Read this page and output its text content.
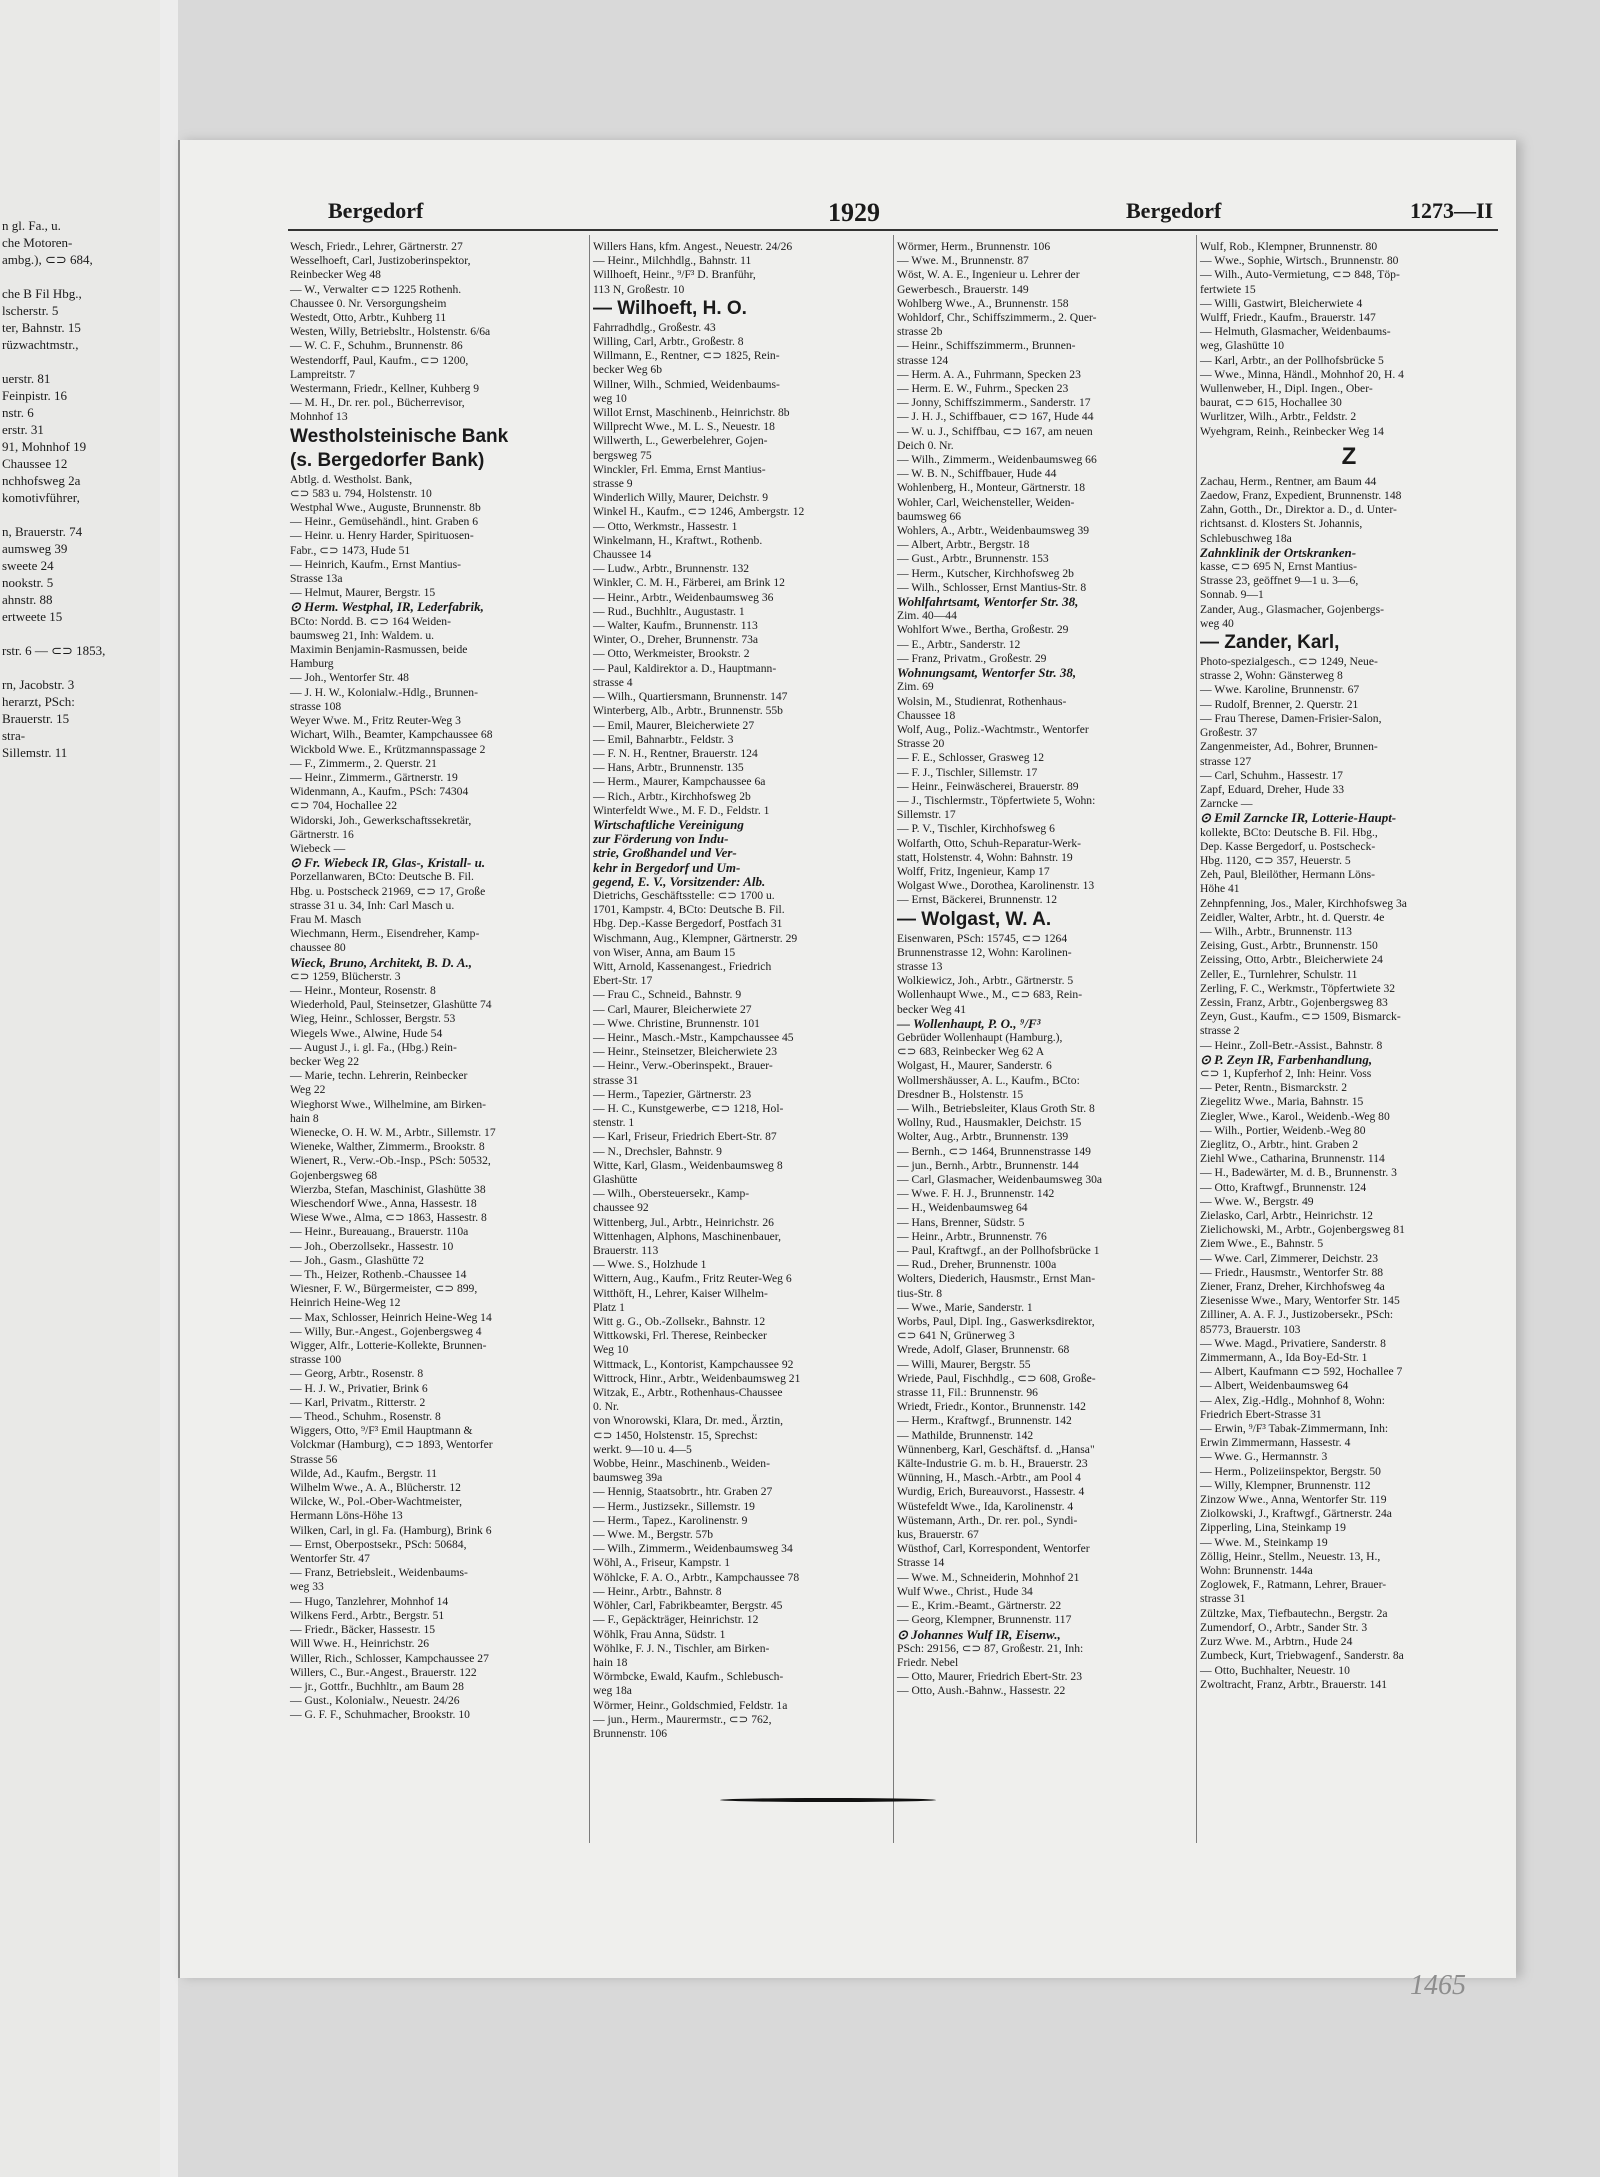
n gl. Fa., u.
che Motoren-
ambg.), ⊂⊃ 684,
che B Fil Hbg.,
lscherstr. 5
ter, Bahnstr. 15
rüzwachtmstr.,
uerstr. 81
Feinpistr. 16
nstr. 6
erstr. 31
91, Mohnhof 19
Chaussee 12
nchhofsweg 2a
komotivführer,
n, Brauerstr. 74
aumsweg 39
sweete 24
nookstr. 5
ahnstr. 88
ertweete 15
rstr. 6 — ⊂⊃ 1853,
rn, Jacobstr. 3
herarzt, PSch:
Brauerstr. 15
stra-
Sillemstr. 11
Bergedorf	1929	Bergedorf	1273—II
Wesch, Friedr., Lehrer, Gärtnerstr. 27
Wesselhoeft, Carl, Justizoberinspektor,
Reinbecker Weg 48
— W., Verwalter ⊂⊃ 1225 Rothenh.
Chaussee 0. Nr. Versorgungsheim
Westedt, Otto, Arbtr., Kuhberg 11
Westen, Willy, Betriebsltr., Holstenstr. 6/6a
— W. C. F., Schuhm., Brunnenstr. 86
Westendorff, Paul, Kaufm., ⊂⊃ 1200,
Lampreitstr. 7
Westermann, Friedr., Kellner, Kuhberg 9
— M. H., Dr. rer. pol., Bücherrevisor,
Mohnhof 13
Westholsteinische Bank
(s. Bergedorfer Bank)
Abtlg. d. Westholst. Bank,
⊂⊃ 583 u. 794, Holstenstr. 10
Westphal Wwe., Auguste, Brunnenstr. 8b
— Heinr., Gemüsehändl., hint. Graben 6
— Heinr. u. Henry Harder, Spirituosen-
Fabr., ⊂⊃ 1473, Hude 51
— Heinrich, Kaufm., Ernst Mantius-
Strasse 13a
— Helmut, Maurer, Bergstr. 15
⊙ Herm. Westphal, IR, Lederfabrik,
BCto: Nordd. B. ⊂⊃ 164 Weiden-
baumsweg 21, Inh: Waldem. u.
Maximin Benjamin-Rasmussen, beide
Hamburg
— Joh., Wentorfer Str. 48
— J. H. W., Kolonialw.-Hdlg., Brunnen-
strasse 108
Weyer Wwe. M., Fritz Reuter-Weg 3
Wichart, Wilh., Beamter, Kampchaussee 68
Wickbold Wwe. E., Krützmannspassage 2
— F., Zimmerm., 2. Querstr. 21
— Heinr., Zimmerm., Gärtnerstr. 19
Widenmann, A., Kaufm., PSch: 74304
⊂⊃ 704, Hochallee 22
Widorski, Joh., Gewerkschaftssekretär,
Gärtnerstr. 16
Wiebeck —
⊙ Fr. Wiebeck IR, Glas-, Kristall- u.
Porzellanwaren, BCto: Deutsche B. Fil.
Hbg. u. Postscheck 21969, ⊂⊃ 17, Große
strasse 31 u. 34, Inh: Carl Masch u.
Frau M. Masch
Wiechmann, Herm., Eisendreher, Kamp-
chaussee 80
Wieck, Bruno, Architekt, B. D. A.,
⊂⊃ 1259, Blücherstr. 3
— Heinr., Monteur, Rosenstr. 8
Wiederhold, Paul, Steinsetzer, Glashütte 74
Wieg, Heinr., Schlosser, Bergstr. 53
Wiegels Wwe., Alwine, Hude 54
— August J., i. gl. Fa., (Hbg.) Rein-
becker Weg 22
— Marie, techn. Lehrerin, Reinbecker
Weg 22
Wieghorst Wwe., Wilhelmine, am Birken-
hain 8
Wienecke, O. H. W. M., Arbtr., Sillemstr. 17
Wieneke, Walther, Zimmerm., Brookstr. 8
Wienert, R., Verw.-Ob.-Insp., PSch: 50532,
Gojenbergsweg 68
Wierzba, Stefan, Maschinist, Glashütte 38
Wieschendorf Wwe., Anna, Hassestr. 18
Wiese Wwe., Alma, ⊂⊃ 1863, Hassestr. 8
— Heinr., Bureauang., Brauerstr. 110a
— Joh., Oberzollsekr., Hassestr. 10
— Joh., Gasm., Glashütte 72
— Th., Heizer, Rothenb.-Chaussee 14
Wiesner, F. W., Bürgermeister, ⊂⊃ 899,
Heinrich Heine-Weg 12
— Max, Schlosser, Heinrich Heine-Weg 14
— Willy, Bur.-Angest., Gojenbergsweg 4
Wigger, Alfr., Lotterie-Kollekte, Brunnen-
strasse 100
— Georg, Arbtr., Rosenstr. 8
— H. J. W., Privatier, Brink 6
— Karl, Privatm., Ritterstr. 2
— Theod., Schuhm., Rosenstr. 8
Wiggers, Otto, ⁹/F³ Emil Hauptmann &
Volckmar (Hamburg), ⊂⊃ 1893, Wentorfer
Strasse 56
Wilde, Ad., Kaufm., Bergstr. 11
Wilhelm Wwe., A. A., Blücherstr. 12
Wilcke, W., Pol.-Ober-Wachtmeister,
Hermann Löns-Höhe 13
Wilken, Carl, in gl. Fa. (Hamburg), Brink 6
— Ernst, Oberpostsekr., PSch: 50684,
Wentorfer Str. 47
— Franz, Betriebsleit., Weidenbaums-
weg 33
— Hugo, Tanzlehrer, Mohnhof 14
Wilkens Ferd., Arbtr., Bergstr. 51
— Friedr., Bäcker, Hassestr. 15
Will Wwe. H., Heinrichstr. 26
Willer, Rich., Schlosser, Kampchaussee 27
Willers, C., Bur.-Angest., Brauerstr. 122
— jr., Gottfr., Buchhltr., am Baum 28
— Gust., Kolonialw., Neuestr. 24/26
— G. F. F., Schuhmacher, Brookstr. 10
Willers Hans, kfm. Angest., Neuestr. 24/26
— Heinr., Milchhdlg., Bahnstr. 11
Willhoeft, Heinr., ⁹/F³ D. Branführ,
113 N, Großestr. 10
— Wilhoeft, H. O.
Fahrradhdlg., Großestr. 43
Willing, Carl, Arbtr., Großestr. 8
Willmann, E., Rentner, ⊂⊃ 1825, Rein-
becker Weg 6b
Willner, Wilh., Schmied, Weidenbaums-
weg 10
Willot Ernst, Maschinenb., Heinrichstr. 8b
Willprecht Wwe., M. L. S., Neuestr. 18
Willwerth, L., Gewerbelehrer, Gojen-
bergsweg 75
Winckler, Frl. Emma, Ernst Mantius-
strasse 9
Winderlich Willy, Maurer, Deichstr. 9
Winkel H., Kaufm., ⊂⊃ 1246, Ambergstr. 12
— Otto, Werkmstr., Hassestr. 1
Winkelmann, H., Kraftwt., Rothenb.
Chaussee 14
— Ludw., Arbtr., Brunnenstr. 132
Winkler, C. M. H., Färberei, am Brink 12
— Heinr., Arbtr., Weidenbaumsweg 36
— Rud., Buchhltr., Augustastr. 1
— Walter, Kaufm., Brunnenstr. 113
Winter, O., Dreher, Brunnenstr. 73a
— Otto, Werkmeister, Brookstr. 2
— Paul, Kaldirektor a. D., Hauptmann-
strasse 4
— Wilh., Quartiersmann, Brunnenstr. 147
Winterberg, Alb., Arbtr., Brunnenstr. 55b
— Emil, Maurer, Bleicherwiete 27
— Emil, Bahnarbtr., Feldstr. 3
— F. N. H., Rentner, Brauerstr. 124
— Hans, Arbtr., Brunnenstr. 135
— Herm., Maurer, Kampchaussee 6a
— Rich., Arbtr., Kirchhofsweg 2b
Winterfeldt Wwe., M. F. D., Feldstr. 1
Wirtschaftliche Vereinigung
zur Förderung von Indu-
strie, Großhandel und Ver-
kehr in Bergedorf und Um-
gegend, E. V., Vorsitzender: Alb.
Dietrichs, Geschäftsstelle: ⊂⊃ 1700 u.
1701, Kampstr. 4, BCto: Deutsche B. Fil.
Hbg. Dep.-Kasse Bergedorf, Postfach 31
Wischmann, Aug., Klempner, Gärtnerstr. 29
von Wiser, Anna, am Baum 15
Witt, Arnold, Kassenangest., Friedrich
Ebert-Str. 17
— Frau C., Schneid., Bahnstr. 9
— Carl, Maurer, Bleicherwiete 27
— Wwe. Christine, Brunnenstr. 101
— Heinr., Masch.-Mstr., Kampchaussee 45
— Heinr., Steinsetzer, Bleicherwiete 23
— Heinr., Verw.-Oberinspekt., Brauer-
strasse 31
— Herm., Tapezier, Gärtnerstr. 23
— H. C., Kunstgewerbe, ⊂⊃ 1218, Hol-
stenstr. 1
— Karl, Friseur, Friedrich Ebert-Str. 87
— N., Drechsler, Bahnstr. 9
Witte, Karl, Glasm., Weidenbaumsweg 8
Glashütte
— Wilh., Obersteuersekr., Kamp-
chaussee 92
Wittenberg, Jul., Arbtr., Heinrichstr. 26
Wittenhagen, Alphons, Maschinenbauer,
Brauerstr. 113
— Wwe. S., Holzhude 1
Wittern, Aug., Kaufm., Fritz Reuter-Weg 6
Witthöft, H., Lehrer, Kaiser Wilhelm-
Platz 1
Witt g. G., Ob.-Zollsekr., Bahnstr. 12
Wittkowski, Frl. Therese, Reinbecker
Weg 10
Wittmack, L., Kontorist, Kampchaussee 92
Wittrock, Hinr., Arbtr., Weidenbaumsweg 21
Witzak, E., Arbtr., Rothenhaus-Chaussee
0. Nr.
von Wnorowski, Klara, Dr. med., Ärztin,
⊂⊃ 1450, Holstenstr. 15, Sprechst:
werkt. 9—10 u. 4—5
Wobbe, Heinr., Maschinenb., Weiden-
baumsweg 39a
— Hennig, Staatsobrtr., htr. Graben 27
— Herm., Justizsekr., Sillemstr. 19
— Herm., Tapez., Karolinenstr. 9
— Wwe. M., Bergstr. 57b
— Wilh., Zimmerm., Weidenbaumsweg 34
Wöhl, A., Friseur, Kampstr. 1
Wöhlcke, F. A. O., Arbtr., Kampchaussee 78
— Heinr., Arbtr., Bahnstr. 8
Wöhler, Carl, Fabrikbeamter, Bergstr. 45
— F., Gepäckträger, Heinrichstr. 12
Wöhlk, Frau Anna, Südstr. 1
Wöhlke, F. J. N., Tischler, am Birken-
hain 18
Wörmbcke, Ewald, Kaufm., Schlebusch-
weg 18a
Wörmer, Heinr., Goldschmied, Feldstr. 1a
— jun., Herm., Maurermstr., ⊂⊃ 762,
Brunnenstr. 106
Wörmer, Herm., Brunnenstr. 106
— Wwe. M., Brunnenstr. 87
Wöst, W. A. E., Ingenieur u. Lehrer der
Gewerbesch., Brauerstr. 149
Wohlberg Wwe., A., Brunnenstr. 158
Wohldorf, Chr., Schiffszimmerm., 2. Quer-
strasse 2b
— Heinr., Schiffszimmerm., Brunnen-
strasse 124
— Herm. A. A., Fuhrmann, Specken 23
— Herm. E. W., Fuhrm., Specken 23
— Jonny, Schiffszimmerm., Sanderstr. 17
— J. H. J., Schiffbauer, ⊂⊃ 167, Hude 44
— W. u. J., Schiffbau, ⊂⊃ 167, am neuen
Deich 0. Nr.
— Wilh., Zimmerm., Weidenbaumsweg 66
— W. B. N., Schiffbauer, Hude 44
Wohlenberg, H., Monteur, Gärtnerstr. 18
Wohler, Carl, Weichensteller, Weiden-
baumsweg 66
Wohlers, A., Arbtr., Weidenbaumsweg 39
— Albert, Arbtr., Bergstr. 18
— Gust., Arbtr., Brunnenstr. 153
— Herm., Kutscher, Kirchhofsweg 2b
— Wilh., Schlosser, Ernst Mantius-Str. 8
Wohlfahrtsamt, Wentorfer Str. 38,
Zim. 40—44
Wohlfort Wwe., Bertha, Großestr. 29
— E., Arbtr., Sanderstr. 12
— Franz, Privatm., Großestr. 29
Wohnungsamt, Wentorfer Str. 38,
Zim. 69
Wolsin, M., Studienrat, Rothenhaus-
Chaussee 18
Wolf, Aug., Poliz.-Wachtmstr., Wentorfer
Strasse 20
— F. E., Schlosser, Grasweg 12
— F. J., Tischler, Sillemstr. 17
— Heinr., Feinwäscherei, Brauerstr. 89
— J., Tischlermstr., Töpfertwiete 5, Wohn:
Sillemstr. 17
— P. V., Tischler, Kirchhofsweg 6
Wolfarth, Otto, Schuh-Reparatur-Werk-
statt, Holstenstr. 4, Wohn: Bahnstr. 19
Wolff, Fritz, Ingenieur, Kamp 17
Wolgast Wwe., Dorothea, Karolinenstr. 13
— Ernst, Bäckerei, Brunnenstr. 12
— Wolgast, W. A.
Eisenwaren, PSch: 15745, ⊂⊃ 1264
Brunnenstrasse 12, Wohn: Karolinen-
strasse 13
Wolkiewicz, Joh., Arbtr., Gärtnerstr. 5
Wollenhaupt Wwe., M., ⊂⊃ 683, Rein-
becker Weg 41
— Wollenhaupt, P. O., ⁹/F³
Gebrüder Wollenhaupt (Hamburg.),
⊂⊃ 683, Reinbecker Weg 62 A
Wolgast, H., Maurer, Sanderstr. 6
Wollmershäusser, A. L., Kaufm., BCto:
Dresdner B., Holstenstr. 15
— Wilh., Betriebsleiter, Klaus Groth Str. 8
Wollny, Rud., Hausmakler, Deichstr. 15
Wolter, Aug., Arbtr., Brunnenstr. 139
— Bernh., ⊂⊃ 1464, Brunnenstrasse 149
— jun., Bernh., Arbtr., Brunnenstr. 144
— Carl, Glasmacher, Weidenbaumsweg 30a
— Wwe. F. H. J., Brunnenstr. 142
— H., Weidenbaumsweg 64
— Hans, Brenner, Südstr. 5
— Heinr., Arbtr., Brunnenstr. 76
— Paul, Kraftwgf., an der Pollhofsbrücke 1
— Rud., Dreher, Brunnenstr. 100a
Wolters, Diederich, Hausmstr., Ernst Man-
tius-Str. 8
— Wwe., Marie, Sanderstr. 1
Worbs, Paul, Dipl. Ing., Gaswerksdirektor,
⊂⊃ 641 N, Grünerweg 3
Wrede, Adolf, Glaser, Brunnenstr. 68
— Willi, Maurer, Bergstr. 55
Wriede, Paul, Fischhdlg., ⊂⊃ 608, Große-
strasse 11, Fil.: Brunnenstr. 96
Wriedt, Friedr., Kontor., Brunnenstr. 142
— Herm., Kraftwgf., Brunnenstr. 142
— Mathilde, Brunnenstr. 142
Wünnenberg, Karl, Geschäftsf. d. „Hansa"
Kälte-Industrie G. m. b. H., Brauerstr. 23
Wünning, H., Masch.-Arbtr., am Pool 4
Wurdig, Erich, Bureauvorst., Hassestr. 4
Wüstefeldt Wwe., Ida, Karolinenstr. 4
Wüstemann, Arth., Dr. rer. pol., Syndi-
kus, Brauerstr. 67
Wüsthof, Carl, Korrespondent, Wentorfer
Strasse 14
— Wwe. M., Schneiderin, Mohnhof 21
Wulf Wwe., Christ., Hude 34
— E., Krim.-Beamt., Gärtnerstr. 22
— Georg, Klempner, Brunnenstr. 117
⊙ Johannes Wulf IR, Eisenw.,
PSch: 29156, ⊂⊃ 87, Großestr. 21, Inh:
Friedr. Nebel
— Otto, Maurer, Friedrich Ebert-Str. 23
— Otto, Aush.-Bahnw., Hassestr. 22
Wulf, Rob., Klempner, Brunnenstr. 80
— Wwe., Sophie, Wirtsch., Brunnenstr. 80
— Wilh., Auto-Vermietung, ⊂⊃ 848, Töp-
fertwiete 15
— Willi, Gastwirt, Bleicherwiete 4
Wulff, Friedr., Kaufm., Brauerstr. 147
— Helmuth, Glasmacher, Weidenbaums-
weg, Glashütte 10
— Karl, Arbtr., an der Pollhofsbrücke 5
— Wwe., Minna, Händl., Mohnhof 20, H. 4
Wullenweber, H., Dipl. Ingen., Ober-
baurat, ⊂⊃ 615, Hochallee 30
Wurlitzer, Wilh., Arbtr., Feldstr. 2
Wyehgram, Reinh., Reinbecker Weg 14
Z
Zachau, Herm., Rentner, am Baum 44
Zaedow, Franz, Expedient, Brunnenstr. 148
Zahn, Gotth., Dr., Direktor a. D., d. Unter-
richtsanst. d. Klosters St. Johannis,
Schlebuschweg 18a
Zahnklinik der Ortskranken-
kasse, ⊂⊃ 695 N, Ernst Mantius-
Strasse 23, geöffnet 9—1 u. 3—6,
Sonnab. 9—1
Zander, Aug., Glasmacher, Gojenbergs-
weg 40
— Zander, Karl,
Photo-spezialgesch., ⊂⊃ 1249, Neue-
strasse 2, Wohn: Gänsterweg 8
— Wwe. Karoline, Brunnenstr. 67
— Rudolf, Brenner, 2. Querstr. 21
— Frau Therese, Damen-Frisier-Salon,
Großestr. 37
Zangenmeister, Ad., Bohrer, Brunnen-
strasse 127
— Carl, Schuhm., Hassestr. 17
Zapf, Eduard, Dreher, Hude 33
Zarncke —
⊙ Emil Zarncke IR, Lotterie-Haupt-
kollekte, BCto: Deutsche B. Fil. Hbg.,
Dep. Kasse Bergedorf, u. Postscheck-
Hbg. 1120, ⊂⊃ 357, Heuerstr. 5
Zeh, Paul, Bleilöther, Hermann Löns-
Höhe 41
Zehnpfenning, Jos., Maler, Kirchhofsweg 3a
Zeidler, Walter, Arbtr., ht. d. Querstr. 4e
— Wilh., Arbtr., Brunnenstr. 113
Zeising, Gust., Arbtr., Brunnenstr. 150
Zeissing, Otto, Arbtr., Bleicherwiete 24
Zeller, E., Turnlehrer, Schulstr. 11
Zerling, F. C., Werkmstr., Töpfertwiete 32
Zessin, Franz, Arbtr., Gojenbergsweg 83
Zeyn, Gust., Kaufm., ⊂⊃ 1509, Bismarck-
strasse 2
— Heinr., Zoll-Betr.-Assist., Bahnstr. 8
⊙ P. Zeyn IR, Farbenhandlung,
⊂⊃ 1, Kupferhof 2, Inh: Heinr. Voss
— Peter, Rentn., Bismarckstr. 2
Ziegelitz Wwe., Maria, Bahnstr. 15
Ziegler, Wwe., Karol., Weidenb.-Weg 80
— Wilh., Portier, Weidenb.-Weg 80
Zieglitz, O., Arbtr., hint. Graben 2
Ziehl Wwe., Catharina, Brunnenstr. 114
— H., Badewärter, M. d. B., Brunnenstr. 3
— Otto, Kraftwgf., Brunnenstr. 124
— Wwe. W., Bergstr. 49
Zielasko, Carl, Arbtr., Heinrichstr. 12
Zielichowski, M., Arbtr., Gojenbergsweg 81
Ziem Wwe., E., Bahnstr. 5
— Wwe. Carl, Zimmerer, Deichstr. 23
— Friedr., Hausmstr., Wentorfer Str. 88
Ziener, Franz, Dreher, Kirchhofsweg 4a
Ziesenisse Wwe., Mary, Wentorfer Str. 145
Zilliner, A. A. F. J., Justizobersekr., PSch:
85773, Brauerstr. 103
— Wwe. Magd., Privatiere, Sanderstr. 8
Zimmermann, A., Ida Boy-Ed-Str. 1
— Albert, Kaufmann ⊂⊃ 592, Hochallee 7
— Albert, Weidenbaumsweg 64
— Alex, Zig.-Hdlg., Mohnhof 8, Wohn:
Friedrich Ebert-Strasse 31
— Erwin, ⁹/F³ Tabak-Zimmermann, Inh:
Erwin Zimmermann, Hassestr. 4
— Wwe. G., Hermannstr. 3
— Herm., Polizeiinspektor, Bergstr. 50
— Willy, Klempner, Brunnenstr. 112
Zinzow Wwe., Anna, Wentorfer Str. 119
Ziolkowski, J., Kraftwgf., Gärtnerstr. 24a
Zipperling, Lina, Steinkamp 19
— Wwe. M., Steinkamp 19
Zöllig, Heinr., Stellm., Neuestr. 13, H.,
Wohn: Brunnenstr. 144a
Zoglowek, F., Ratmann, Lehrer, Brauer-
strasse 31
Zültzke, Max, Tiefbautechn., Bergstr. 2a
Zumendorf, O., Arbtr., Sander Str. 3
Zurz Wwe. M., Arbtrn., Hude 24
Zumbeck, Kurt, Triebwagenf., Sanderstr. 8a
— Otto, Buchhalter, Neuestr. 10
Zwoltracht, Franz, Arbtr., Brauerstr. 141
1465
